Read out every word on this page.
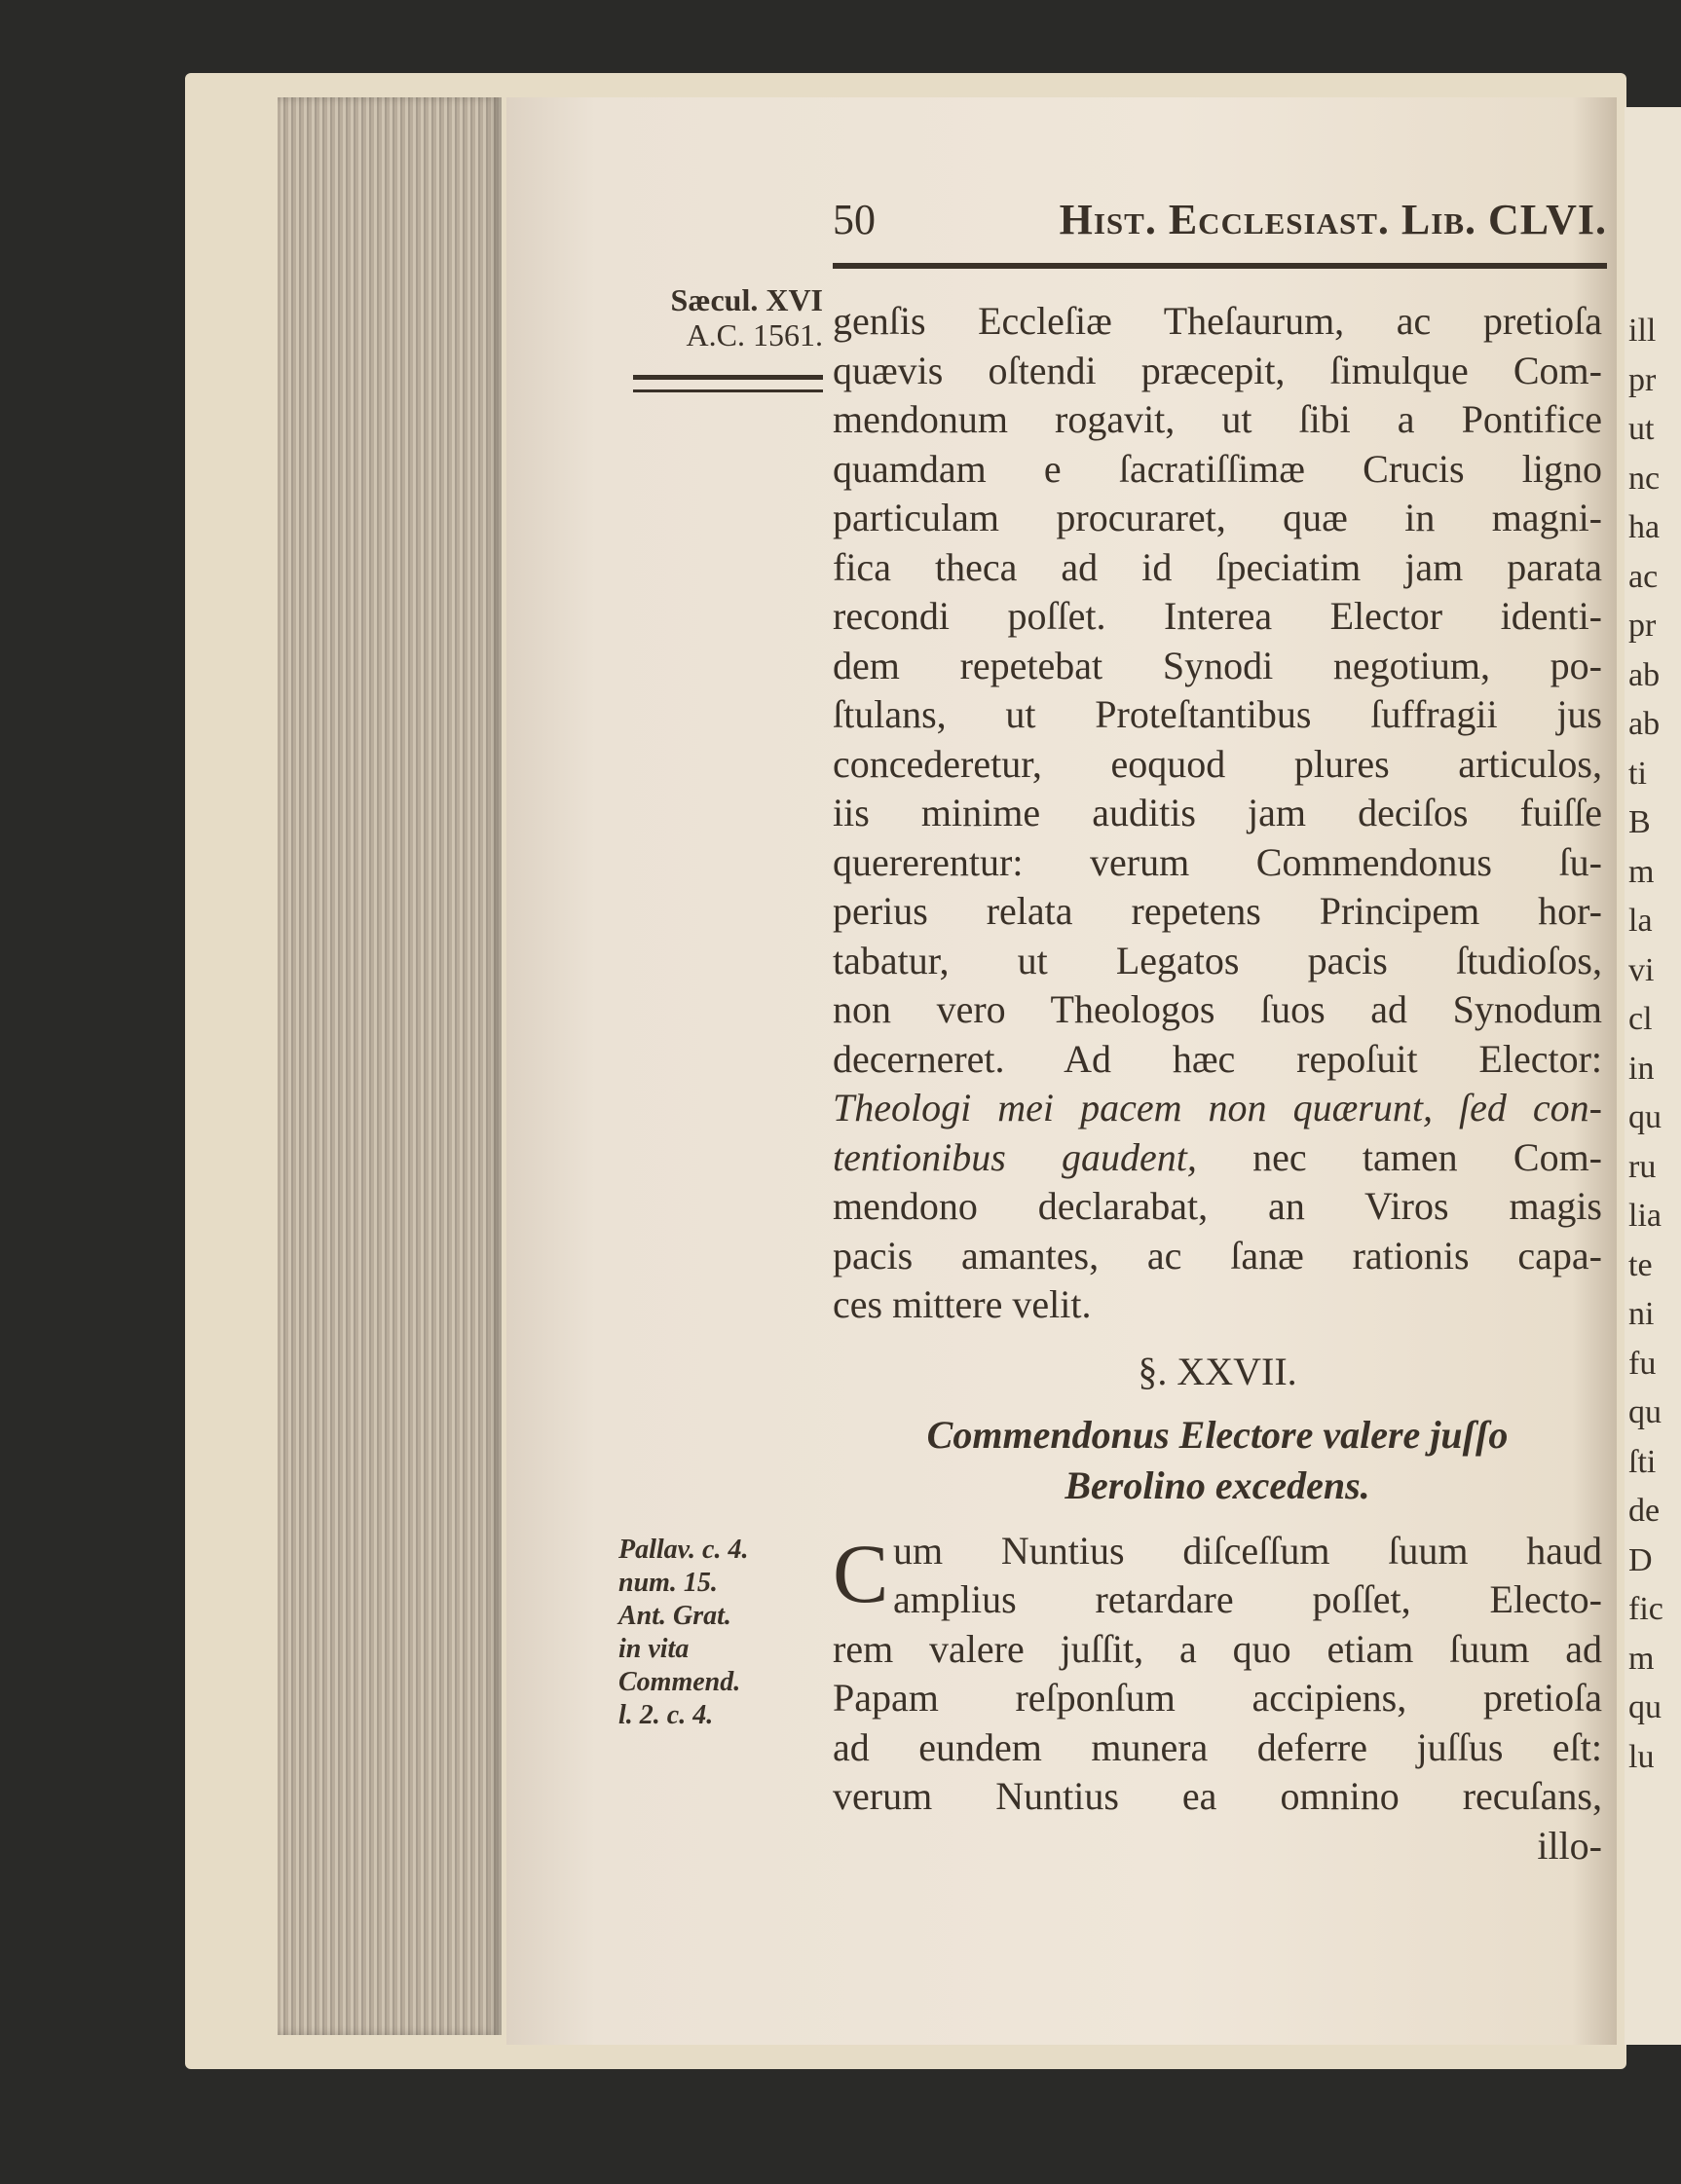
ill
pr
ut
nc
ha
ac
pr
ab
ab
ti
B
m
la
vi
cl
in
qu
ru
lia
te
ni
fu
qu
ſti
de
D
fic
m
qu
lu
50	Hist. Ecclesiast. Lib. CLVI.
Sæcul. XVI
A.C. 1561. genſis Eccleſiæ Theſaurum, ac pretioſa
quævis oſtendi præcepit, ſimulque Com-
mendonum rogavit, ut ſibi a Pontifice
quamdam e ſacratiſſimæ Crucis ligno
particulam procuraret, quæ in magni-
fica theca ad id ſpeciatim jam parata
recondi poſſet. Interea Elector identi-
dem repetebat Synodi negotium, po-
ſtulans, ut Proteſtantibus ſuffragii jus
concederetur, eoquod plures articulos,
iis minime auditis jam deciſos fuiſſe
quererentur: verum Commendonus ſu-
perius relata repetens Principem hor-
tabatur, ut Legatos pacis ſtudioſos,
non vero Theologos ſuos ad Synodum
decerneret. Ad hæc repoſuit Elector:
Theologi mei pacem non quærunt, ſed con-
tentionibus gaudent, nec tamen Com-
mendono declarabat, an Viros magis
pacis amantes, ac ſanæ rationis capa-
ces mittere velit.
§. XXVII.
Commendonus Electore valere juſſo
Berolino excedens.
C um Nuntius diſceſſum ſuum haud
amplius retardare poſſet, Electo-
rem valere juſſit, a quo etiam ſuum ad
Papam reſponſum accipiens, pretioſa
ad eundem munera deferre juſſus eſt:
verum Nuntius ea omnino recuſans,
illo-
Pallav. c. 4.
num. 15.
Ant. Grat.
in vita
Commend.
l. 2. c. 4.
